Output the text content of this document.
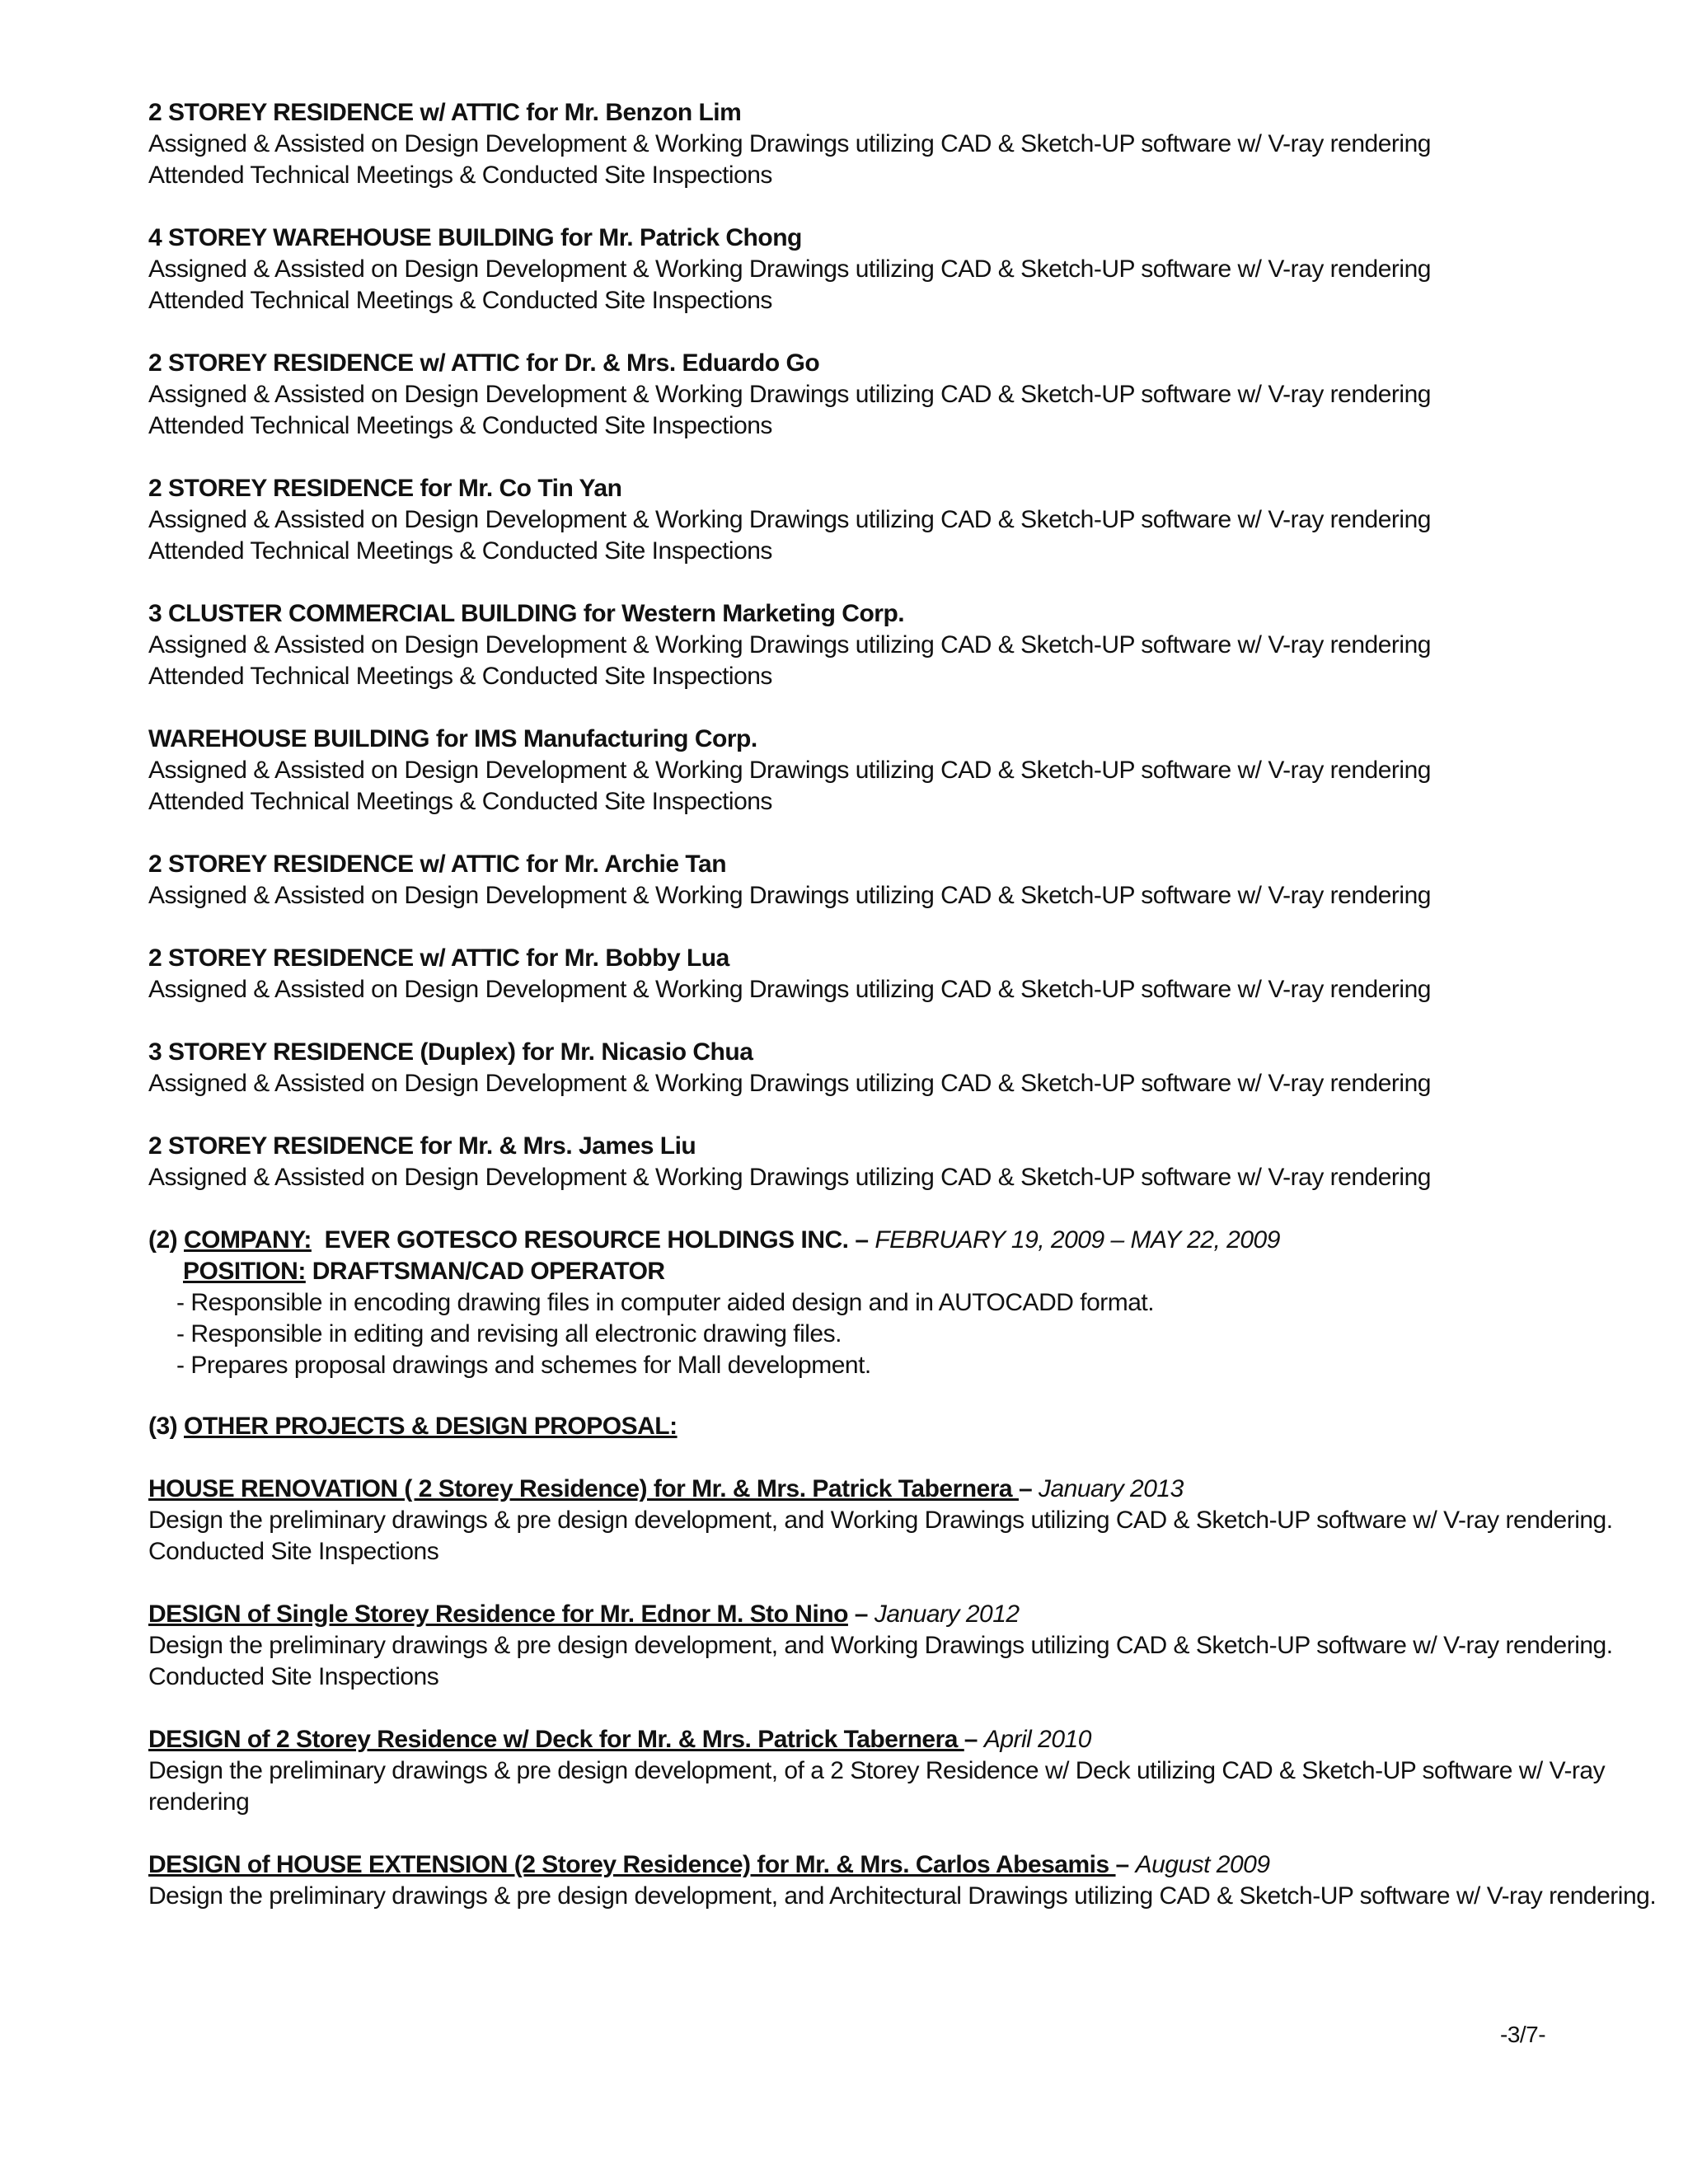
2 STOREY RESIDENCE w/ ATTIC for Mr. Benzon Lim
Assigned & Assisted on Design Development & Working Drawings utilizing CAD & Sketch-UP software w/ V-ray rendering
Attended Technical Meetings & Conducted Site Inspections
4 STOREY WAREHOUSE BUILDING for Mr. Patrick Chong
Assigned & Assisted on Design Development & Working Drawings utilizing CAD & Sketch-UP software w/ V-ray rendering
Attended Technical Meetings & Conducted Site Inspections
2 STOREY RESIDENCE w/ ATTIC for Dr. & Mrs. Eduardo Go
Assigned & Assisted on Design Development & Working Drawings utilizing CAD & Sketch-UP software w/ V-ray rendering
Attended Technical Meetings & Conducted Site Inspections
2 STOREY RESIDENCE for Mr. Co Tin Yan
Assigned & Assisted on Design Development & Working Drawings utilizing CAD & Sketch-UP software w/ V-ray rendering
Attended Technical Meetings & Conducted Site Inspections
3 CLUSTER COMMERCIAL BUILDING for Western Marketing Corp.
Assigned & Assisted on Design Development & Working Drawings utilizing CAD & Sketch-UP software w/ V-ray rendering
Attended Technical Meetings & Conducted Site Inspections
WAREHOUSE BUILDING for IMS Manufacturing Corp.
Assigned & Assisted on Design Development & Working Drawings utilizing CAD & Sketch-UP software w/ V-ray rendering
Attended Technical Meetings & Conducted Site Inspections
2 STOREY RESIDENCE w/ ATTIC for Mr. Archie Tan
Assigned & Assisted on Design Development & Working Drawings utilizing CAD & Sketch-UP software w/ V-ray rendering
2 STOREY RESIDENCE w/ ATTIC for Mr. Bobby Lua
Assigned & Assisted on Design Development & Working Drawings utilizing CAD & Sketch-UP software w/ V-ray rendering
3 STOREY RESIDENCE (Duplex) for Mr. Nicasio Chua
Assigned & Assisted on Design Development & Working Drawings utilizing CAD & Sketch-UP software w/ V-ray rendering
2 STOREY RESIDENCE for Mr. & Mrs. James Liu
Assigned & Assisted on Design Development & Working Drawings utilizing CAD & Sketch-UP software w/ V-ray rendering
(2) COMPANY: EVER GOTESCO RESOURCE HOLDINGS INC. – FEBRUARY 19, 2009 – MAY 22, 2009
POSITION: DRAFTSMAN/CAD OPERATOR
- Responsible in encoding drawing files in computer aided design and in AUTOCADD format.
- Responsible in editing and revising all electronic drawing files.
- Prepares proposal drawings and schemes for Mall development.
(3) OTHER PROJECTS & DESIGN PROPOSAL:
HOUSE RENOVATION ( 2 Storey Residence) for Mr. & Mrs. Patrick Tabernera – January 2013
Design the preliminary drawings & pre design development, and Working Drawings utilizing CAD & Sketch-UP software w/ V-ray rendering.
Conducted Site Inspections
DESIGN of Single Storey Residence for Mr. Ednor M. Sto Nino – January 2012
Design the preliminary drawings & pre design development, and Working Drawings utilizing CAD & Sketch-UP software w/ V-ray rendering.
Conducted Site Inspections
DESIGN of 2 Storey Residence w/ Deck for Mr. & Mrs. Patrick Tabernera – April 2010
Design the preliminary drawings & pre design development, of a 2 Storey Residence w/ Deck utilizing CAD & Sketch-UP software w/ V-ray
rendering
DESIGN of HOUSE EXTENSION (2 Storey Residence) for Mr. & Mrs. Carlos Abesamis – August 2009
Design the preliminary drawings & pre design development, and Architectural Drawings utilizing CAD & Sketch-UP software w/ V-ray rendering.
-3/7-
